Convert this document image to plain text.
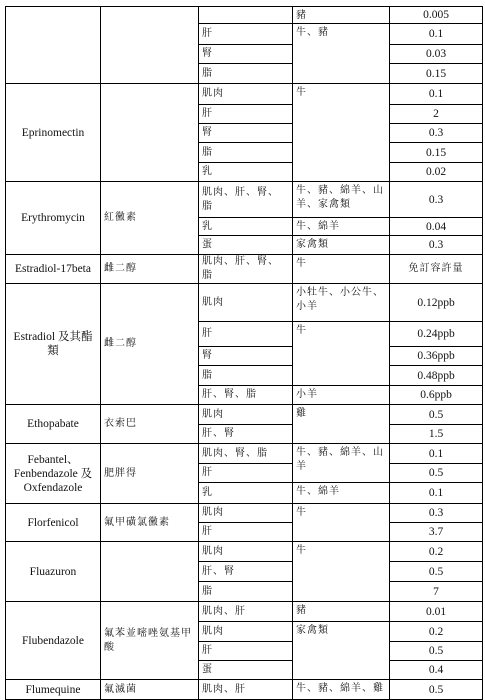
			豬	0.005
		肝	牛、豬	0.1
		腎		0.03
		脂		0.15
Eprinomectin		肌肉	牛	0.1
		肝		2
		腎		0.3
		脂		0.15
		乳		0.02
Erythromycin	紅黴素	肌肉、肝、腎、脂	牛、豬、綿羊、山羊、家禽類	0.3
		乳	牛、綿羊	0.04
		蛋	家禽類	0.3
Estradiol-17beta	雌二醇	肌肉、肝、腎、脂	牛	免訂容許量
Estradiol 及其酯類	雌二醇	肌肉	小牡牛、小公牛、小羊	0.12ppb
		肝	牛	0.24ppb
		腎		0.36ppb
		脂		0.48ppb
		肝、腎、脂	小羊	0.6ppb
Ethopabate	衣索巴	肌肉	雞	0.5
		肝、腎		1.5
Febantel、Fenbendazole 及Oxfendazole	肥胖得	肌肉、腎、脂	牛、豬、綿羊、山羊	0.1
		肝		0.5
		乳	牛、綿羊	0.1
Florfenicol	氟甲磺氯黴素	肌肉	牛	0.3
		肝		3.7
Fluazuron		肌肉	牛	0.2
		肝、腎		0.5
		脂		7
Flubendazole	氟苯並嘧唑氨基甲酸	肌肉、肝	豬	0.01
		肌肉	家禽類	0.2
		肝		0.5
		蛋		0.4
Flumequine	氟滅菌	肌肉、肝	牛、豬、綿羊、雞	0.5
